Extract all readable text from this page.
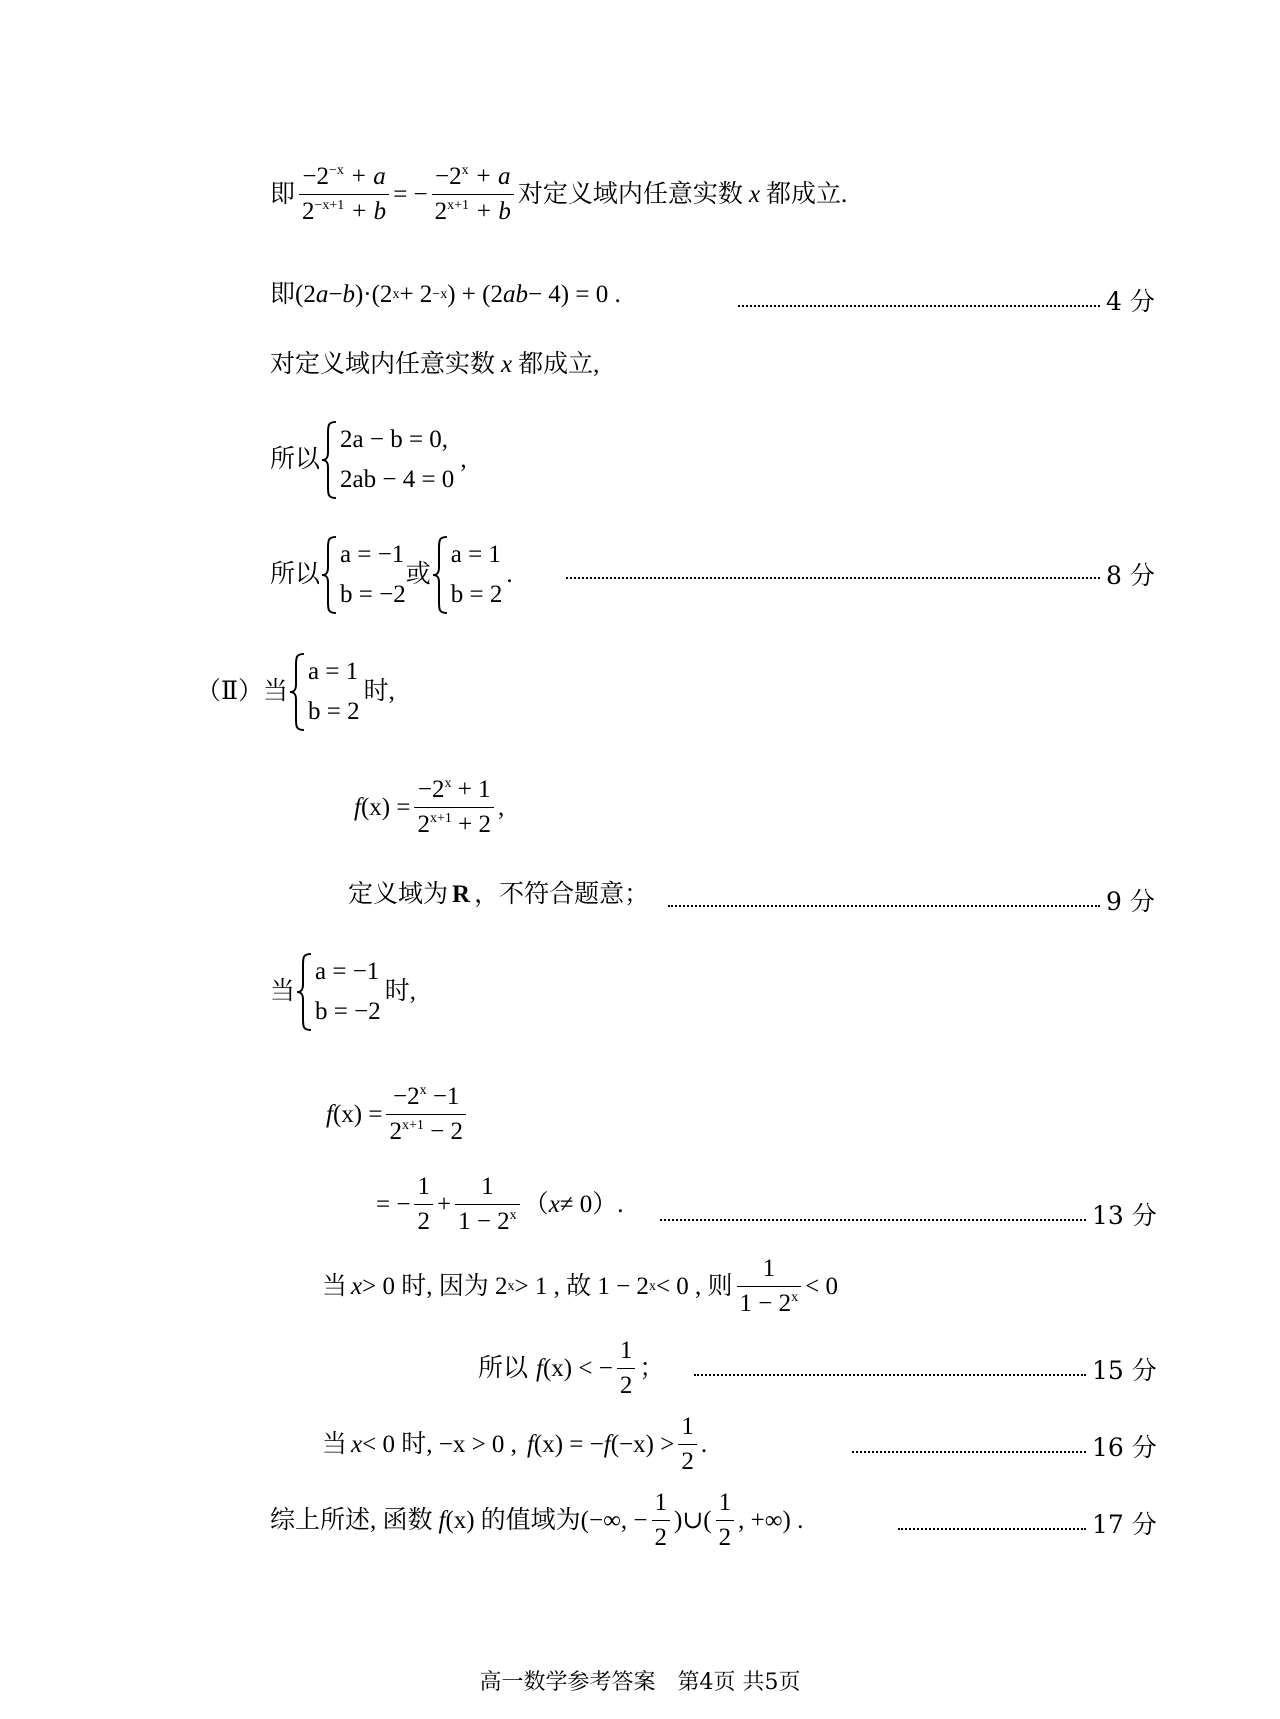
即 $\frac{-2^{-x} + a}{2^{-x+1} + b}$ = − $\frac{-2^x + a}{2^{x+1} + b}$ 对定义域内任意实数 x 都成立.
即 (2 a − b )·(2 x + 2 −x ) + (2 ab − 4) = 0 .	4 分
对定义域内任意实数 x 都成立,
所以
2a − b = 0,
2ab − 4 = 0
,
所以
a = −1
b = −2
或
a = 1
b = 2
.	8 分
（Ⅱ）当
a = 1
b = 2
时,
f $(x) = \frac{-2^x + 1}{2^{x+1} + 2}$ ,
定义域为 R ，不符合题意；	9 分
当
a = −1
b = −2
时,
f $(x) = \frac{-2^x -1}{2^{x+1} - 2}$
= − $\frac{1}{2} + \frac{1}{1 - 2^x}$ （ x ≠ 0）.	13 分
当 x > 0 时, 因为 2 x > 1 , 故 1 − 2 x < 0 , 则 $\frac{1}{1 - 2^x} < 0$
所以 f (x) < − $\frac{1}{2}$ ；	15 分
当 x < 0 时, −x > 0 , f (x) = − f $(-x) > \frac{1}{2}$ .	16 分
综上所述, 函数 f (x) 的值域为 (−∞, − $\frac{1}{2}$ )∪( $\frac{1}{2}$ , +∞) .	17 分
高一数学参考答案　第4页 共5页
